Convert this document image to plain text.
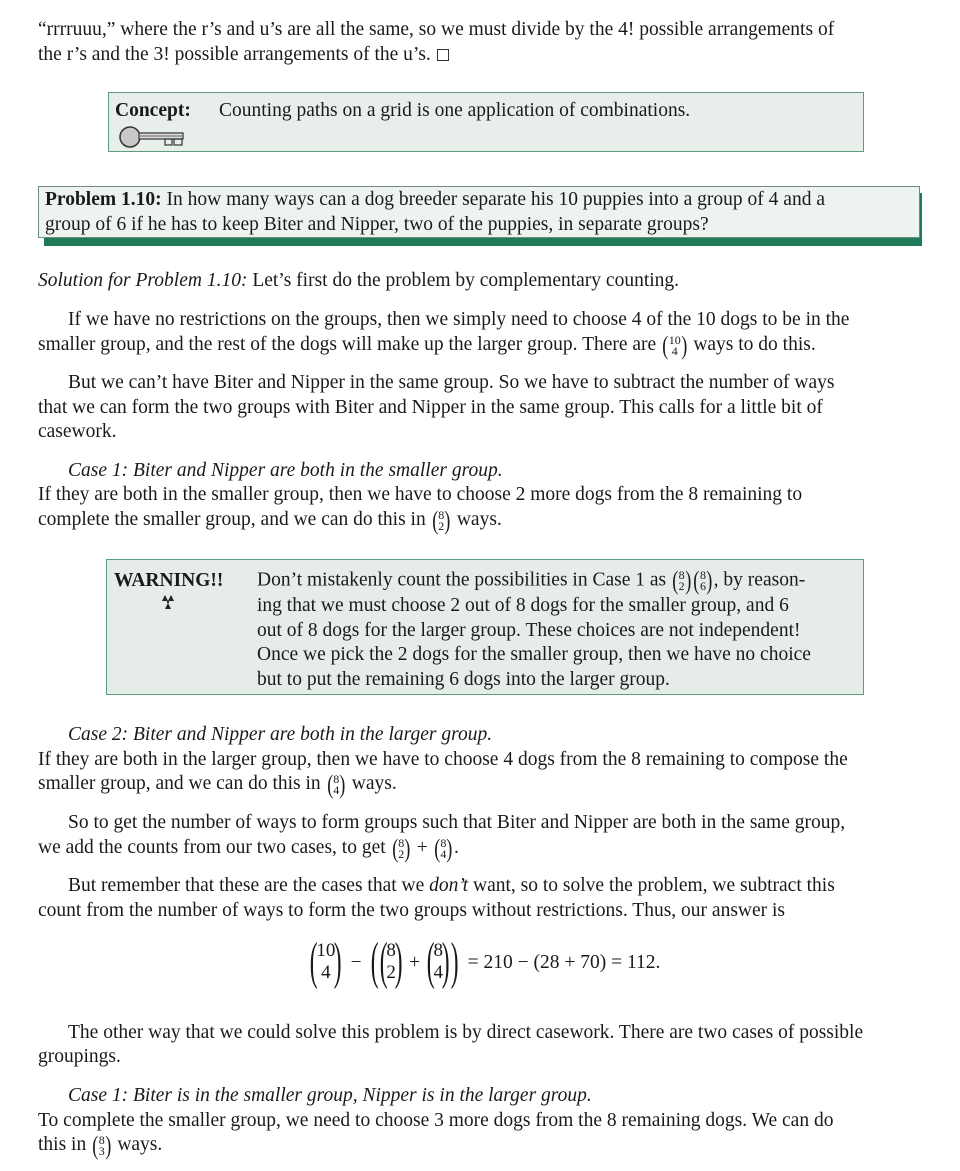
“rrrruuu,” where the r’s and u’s are all the same, so we must divide by the 4! possible arrangements of

the r’s and the 3! possible arrangements of the u’s.

Concept: Counting paths on a grid is one application of combinations.

Problem 1.10: In how many ways can a dog breeder separate his 10 puppies into a group of 4 and a

group of 6 if he has to keep Biter and Nipper, two of the puppies, in separate groups?

Solution for Problem 1.10: Let’s first do the problem by complementary counting.

If we have no restrictions on the groups, then we simply need to choose 4 of the 10 dogs to be in the

smaller group, and the rest of the dogs will make up the larger group. There are ( 10
4 ) ways to do this.

But we can’t have Biter and Nipper in the same group. So we have to subtract the number of ways

that we can form the two groups with Biter and Nipper in the same group. This calls for a little bit of

casework.

Case 1: Biter and Nipper are both in the smaller group.

If they are both in the smaller group, then we have to choose 2 more dogs from the 8 remaining to

complete the smaller group, and we can do this in ( 8
2 ) ways.

WARNING!! Don’t mistakenly count the possibilities in Case 1 as ( 8
2 ) ( 8
6 ) , by reason-
ing that we must choose 2 out of 8 dogs for the smaller group, and 6
out of 8 dogs for the larger group. These choices are not independent!
Once we pick the 2 dogs for the smaller group, then we have no choice
but to put the remaining 6 dogs into the larger group.

Case 2: Biter and Nipper are both in the larger group.

If they are both in the larger group, then we have to choose 4 dogs from the 8 remaining to compose the

smaller group, and we can do this in ( 8
4 ) ways.

So to get the number of ways to form groups such that Biter and Nipper are both in the same group,

we add the counts from our two cases, to get ( 8
2 ) + ( 8
4 ) .

But remember that these are the cases that we don’t want, so to solve the problem, we subtract this

count from the number of ways to form the two groups without restrictions. Thus, our answer is

(
10
4 ) − ( (
8
2
) + (
8
4
) ) = 210 − (28 + 70) = 112.

The other way that we could solve this problem is by direct casework. There are two cases of possible

groupings.

Case 1: Biter is in the smaller group, Nipper is in the larger group.

To complete the smaller group, we need to choose 3 more dogs from the 8 remaining dogs. We can do

this in ( 8
3 ) ways.
